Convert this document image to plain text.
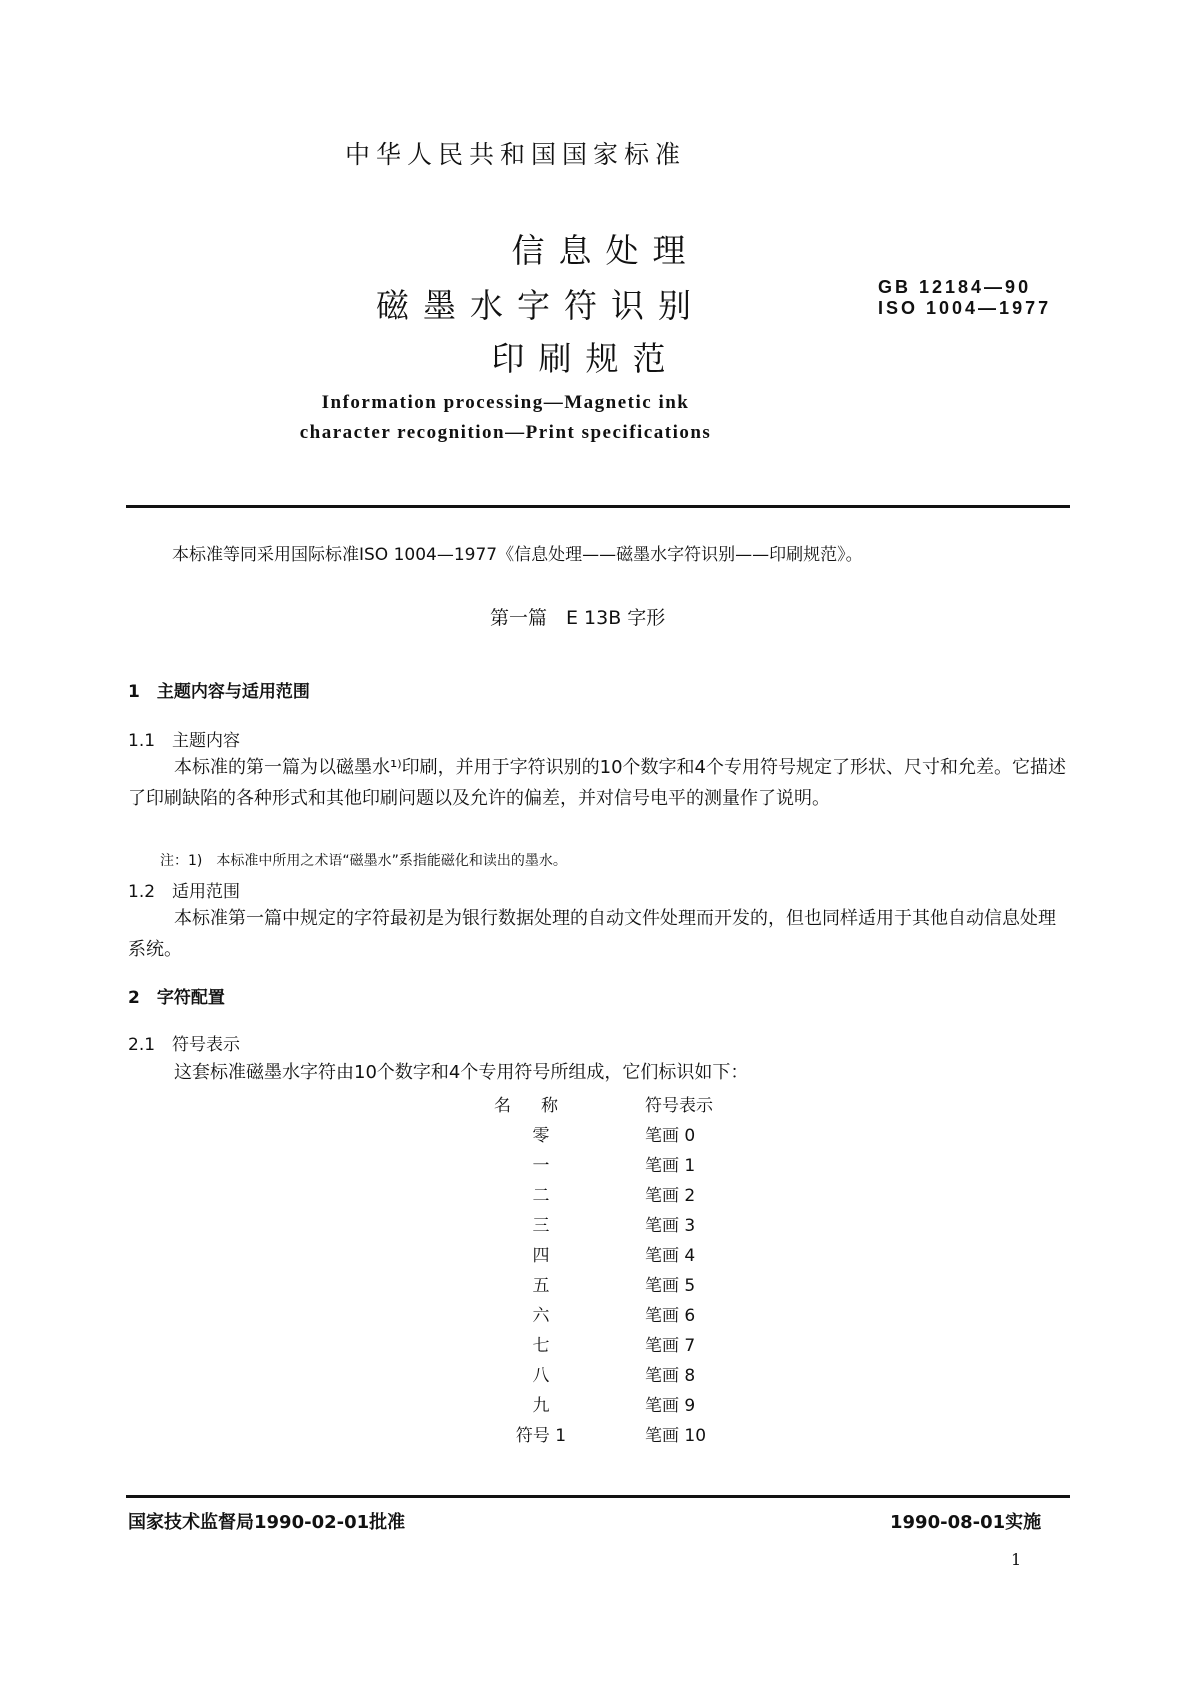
中华人民共和国国家标准
信息处理
磁墨水字符识别
印刷规范
GB 12184—90
ISO 1004—1977
Information processing—Magnetic ink
character recognition—Print specifications
本标准等同采用国际标准ISO 1004—1977《信息处理——磁墨水字符识别——印刷规范》。
第一篇　E 13B 字形
1　主题内容与适用范围
1.1　主题内容
本标准的第一篇为以磁墨水¹⁾印刷，并用于字符识别的10个数字和4个专用符号规定了形状、尺寸和允差。它描述了印刷缺陷的各种形式和其他印刷问题以及允许的偏差，并对信号电平的测量作了说明。
注：1)　本标准中所用之术语“磁墨水”系指能磁化和读出的墨水。
1.2　适用范围
本标准第一篇中规定的字符最初是为银行数据处理的自动文件处理而开发的，但也同样适用于其他自动信息处理系统。
2　字符配置
2.1　符号表示
这套标准磁墨水字符由10个数字和4个专用符号所组成，它们标识如下：
名称	符号表示
零	笔画 0
一	笔画 1
二	笔画 2
三	笔画 3
四	笔画 4
五	笔画 5
六	笔画 6
七	笔画 7
八	笔画 8
九	笔画 9
符号 1	笔画 10
国家技术监督局1990-02-01批准	1990-08-01实施
1
